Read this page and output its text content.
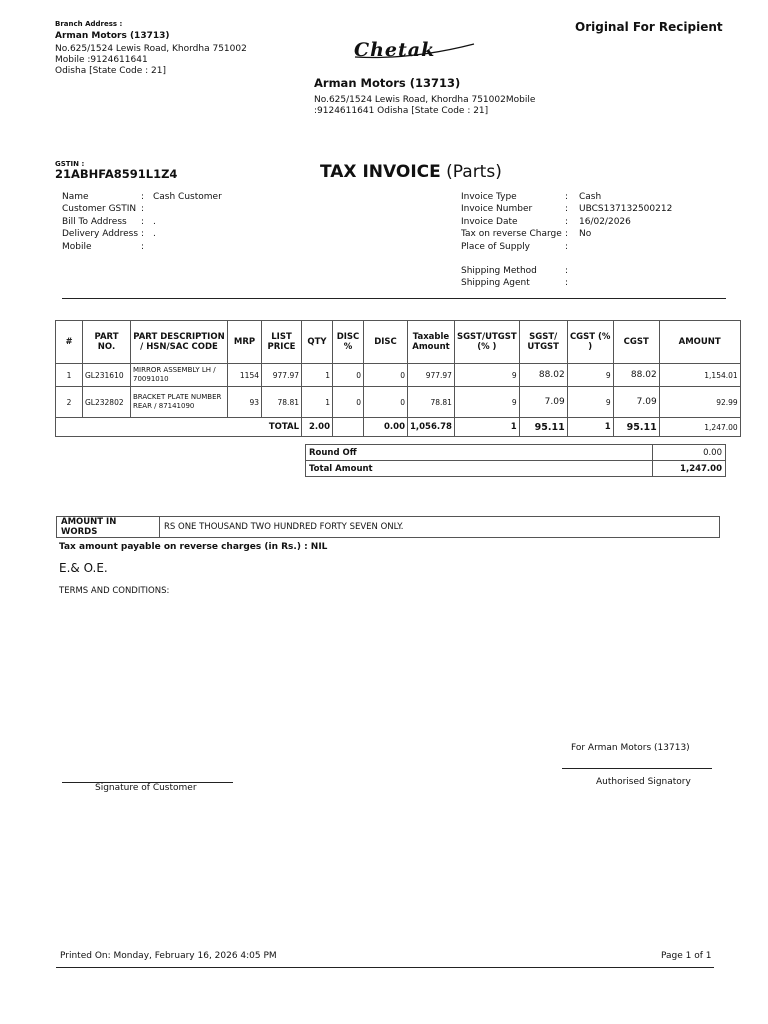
Branch Address :
Arman Motors (13713)
No.625/1524 Lewis Road, Khordha 751002
Mobile :9124611641
Odisha [State Code : 21]
Original For Recipient
Chetak
Arman Motors (13713)
No.625/1524 Lewis Road, Khordha 751002Mobile
:9124611641 Odisha [State Code : 21]
GSTIN :
21ABHFA8591L1Z4	TAX INVOICE (Parts)
Name	: Cash Customer
Customer GSTIN :
Bill To Address	: .
Delivery Address : .
Mobile	:
Invoice Type	:	Cash
Invoice Number	:	UBCS137132500212
Invoice Date	:	16/02/2026
Tax on reverse Charge :	No
Place of Supply	:
Shipping Method	:
Shipping Agent	:
#	PART NO.	PART DESCRIPTION / HSN/SAC CODE	MRP	LIST PRICE	QTY	DISC %	DISC	Taxable Amount	SGST/UTGST (% )	SGST/ UTGST	CGST (% )	CGST	AMOUNT
1	GL231610	MIRROR ASSEMBLY LH / 70091010	1154	977.97	1	0	0	977.97	9	88.02	9	88.02	1,154.01
2	GL232802	BRACKET PLATE NUMBER REAR / 87141090	93	78.81	1	0	0	78.81	9	7.09	9	7.09	92.99
				TOTAL	2.00		0.00	1,056.78	1	95.11	1	95.11	1,247.00
Round Off	0.00
Total Amount	1,247.00
AMOUNT IN WORDS	RS ONE THOUSAND TWO HUNDRED FORTY SEVEN ONLY.
Tax amount payable on reverse charges (in Rs.) : NIL
E.& O.E.
TERMS AND CONDITIONS:
For Arman Motors (13713)
Authorised Signatory
Signature of Customer
Printed On: Monday, February 16, 2026 4:05 PM	Page 1 of 1
